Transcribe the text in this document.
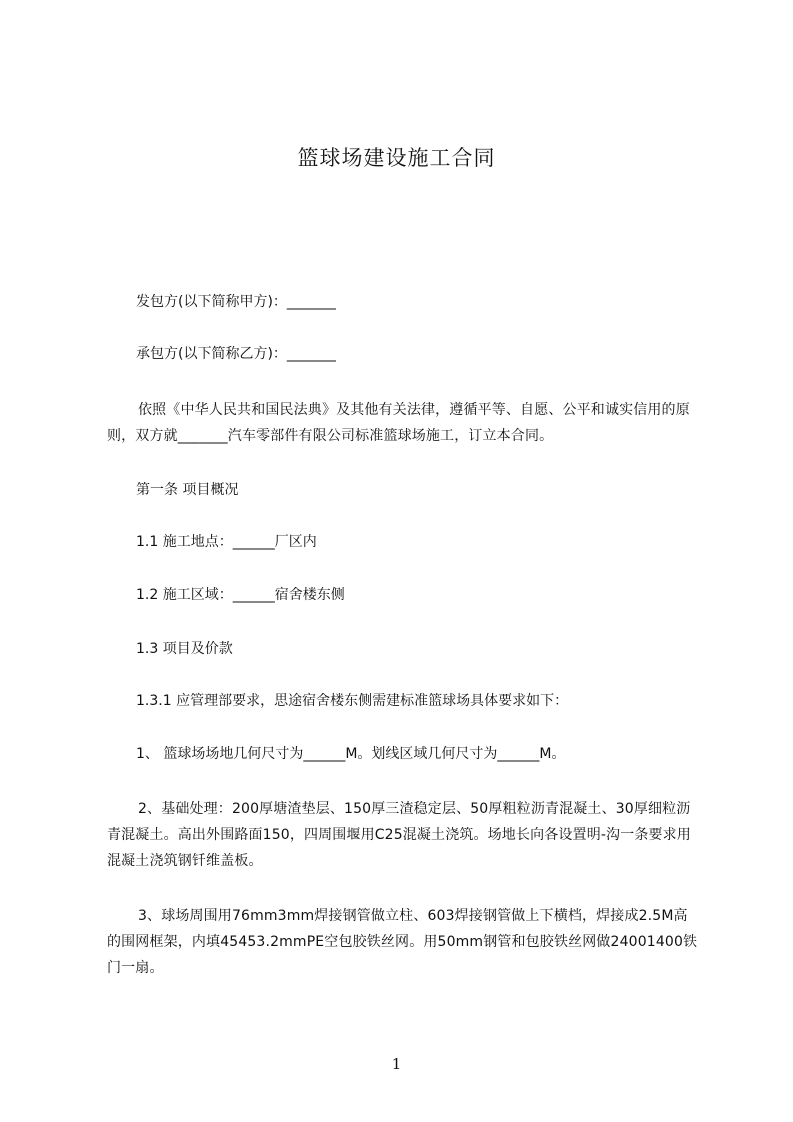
篮球场建设施工合同
发包方(以下简称甲方)：_______
承包方(以下简称乙方)：_______
依照《中华人民共和国民法典》及其他有关法律，遵循平等、自愿、公平和诚实信用的原则，双方就_______汽车零部件有限公司标准篮球场施工，订立本合同。
第一条 项目概况
1.1 施工地点：______厂区内
1.2 施工区域：______宿舍楼东侧
1.3 项目及价款
1.3.1 应管理部要求，思途宿舍楼东侧需建标准篮球场具体要求如下：
1、 篮球场场地几何尺寸为______M。划线区域几何尺寸为______M。
2、基础处理：200厚塘渣垫层、150厚三渣稳定层、50厚粗粒沥青混凝土、30厚细粒沥青混凝土。高出外围路面150，四周围堰用C25混凝土浇筑。场地长向各设置明-沟一条要求用混凝土浇筑钢钎维盖板。
3、球场周围用76mm3mm焊接钢管做立柱、603焊接钢管做上下横档，焊接成2.5M高的围网框架，内填45453.2mmPE空包胶铁丝网。用50mm钢管和包胶铁丝网做24001400铁门一扇。
1
